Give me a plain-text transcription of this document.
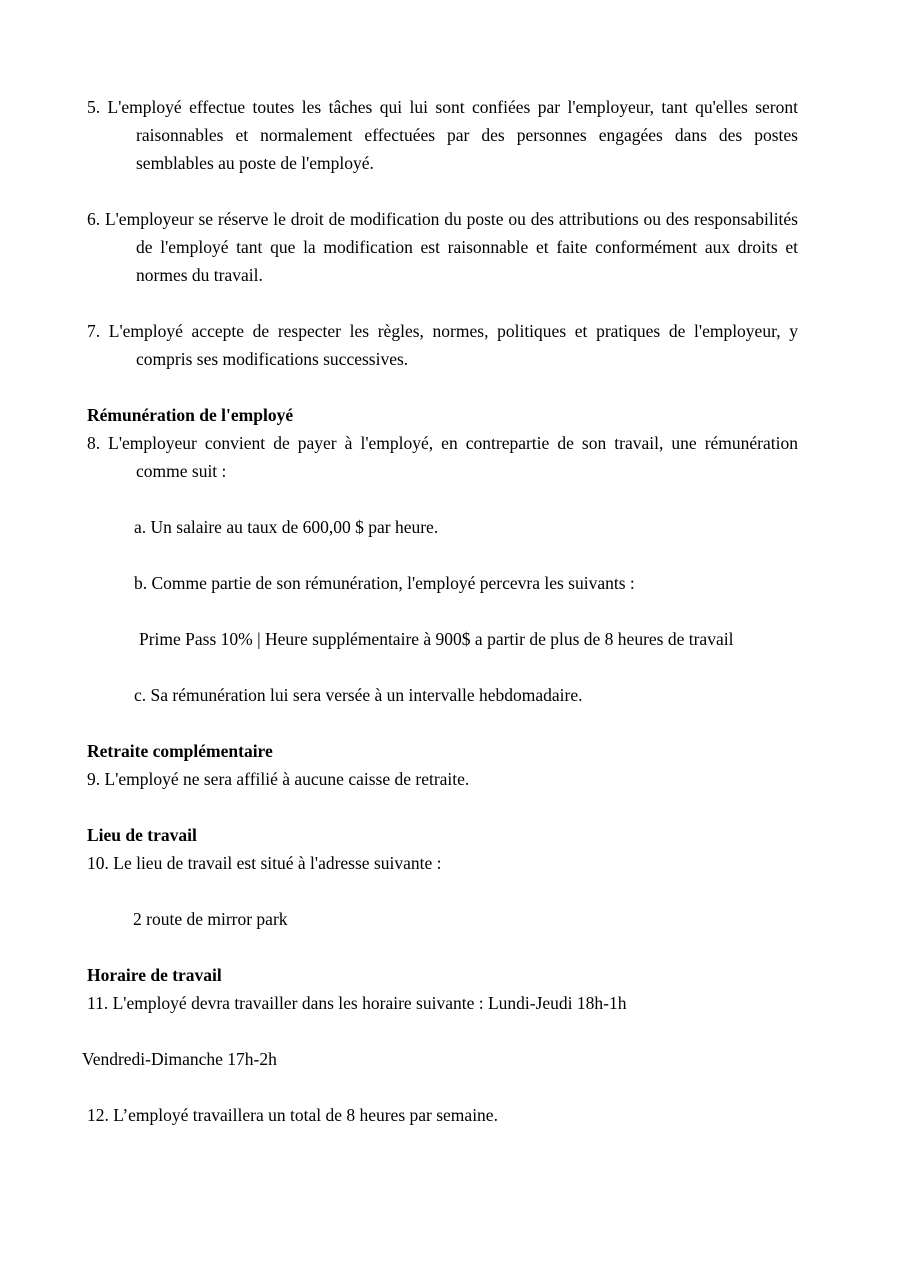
5. L'employé effectue toutes les tâches qui lui sont confiées par l'employeur, tant qu'elles seront raisonnables et normalement effectuées par des personnes engagées dans des postes semblables au poste de l'employé.

6. L'employeur se réserve le droit de modification du poste ou des attributions ou des responsabilités de l'employé tant que la modification est raisonnable et faite conformément aux droits et normes du travail.

7. L'employé accepte de respecter les règles, normes, politiques et pratiques de l'employeur, y compris ses modifications successives.

Rémunération de l'employé

8. L'employeur convient de payer à l'employé, en contrepartie de son travail, une rémunération comme suit :

a. Un salaire au taux de 600,00 $ par heure.

b. Comme partie de son rémunération, l'employé percevra les suivants :

Prime Pass 10% | Heure supplémentaire à 900$ a partir de plus de 8 heures de travail

c. Sa rémunération lui sera versée à un intervalle hebdomadaire.

Retraite complémentaire

9. L'employé ne sera affilié à aucune caisse de retraite.

Lieu de travail

10. Le lieu de travail est situé à l'adresse suivante :

2 route de mirror park

Horaire de travail

11. L'employé devra travailler dans les horaire suivante : Lundi-Jeudi 18h-1h

Vendredi-Dimanche 17h-2h

12. L’employé travaillera un total de 8 heures par semaine.
